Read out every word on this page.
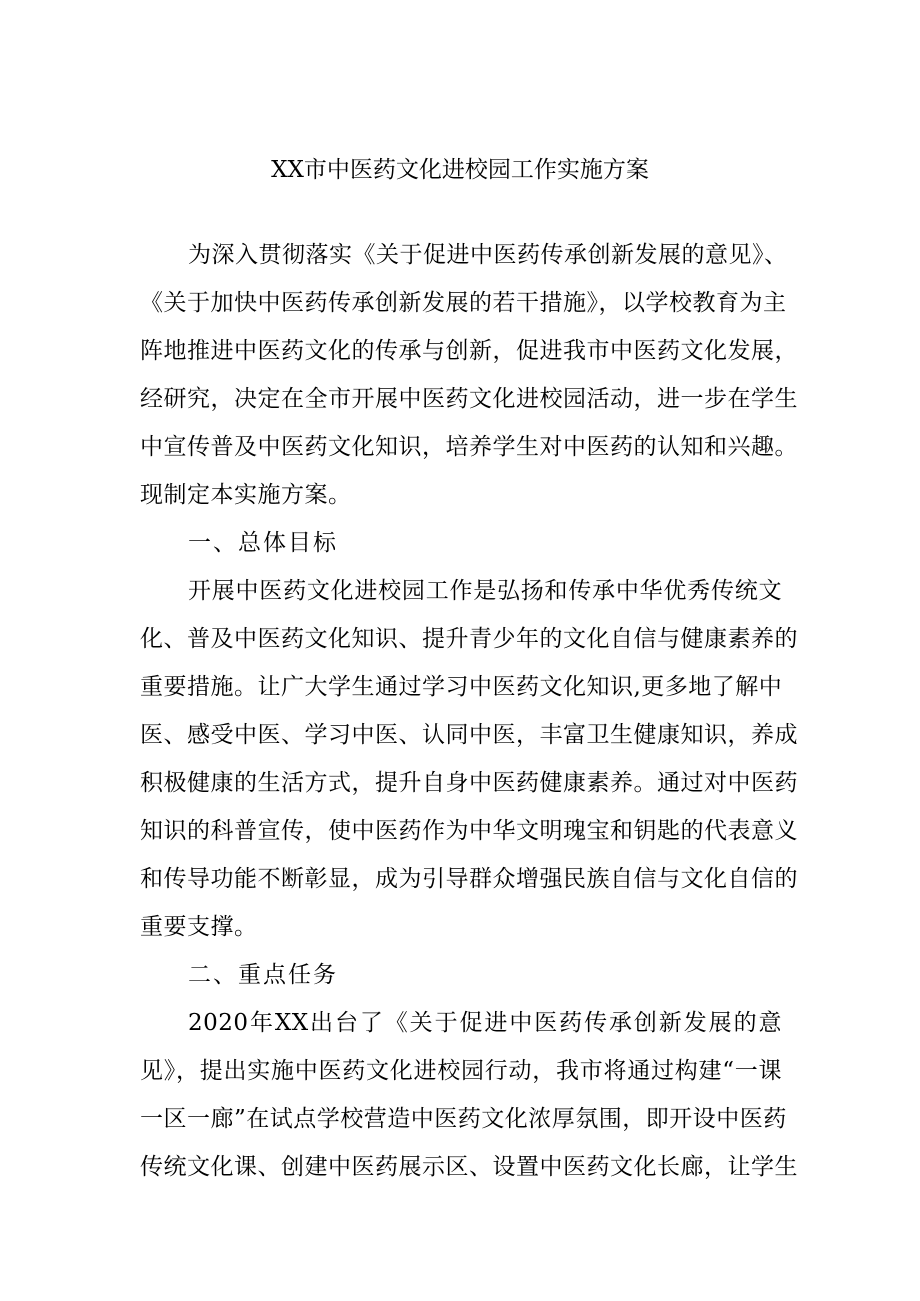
XX市中医药文化进校园工作实施方案
为深入贯彻落实《关于促进中医药传承创新发展的意见》、
《关于加快中医药传承创新发展的若干措施》，以学校教育为主
阵地推进中医药文化的传承与创新，促进我市中医药文化发展，
经研究，决定在全市开展中医药文化进校园活动，进一步在学生
中宣传普及中医药文化知识，培养学生对中医药的认知和兴趣。
现制定本实施方案。
一、总体目标
开展中医药文化进校园工作是弘扬和传承中华优秀传统文
化、普及中医药文化知识、提升青少年的文化自信与健康素养的
重要措施。让广大学生通过学习中医药文化知识,更多地了解中
医、感受中医、学习中医、认同中医，丰富卫生健康知识，养成
积极健康的生活方式，提升自身中医药健康素养。通过对中医药
知识的科普宣传，使中医药作为中华文明瑰宝和钥匙的代表意义
和传导功能不断彰显，成为引导群众增强民族自信与文化自信的
重要支撑。
二、重点任务
2020年XX出台了《关于促进中医药传承创新发展的意
见》，提出实施中医药文化进校园行动，我市将通过构建“一课
一区一廊”在试点学校营造中医药文化浓厚氛围，即开设中医药
传统文化课、创建中医药展示区、设置中医药文化长廊，让学生
